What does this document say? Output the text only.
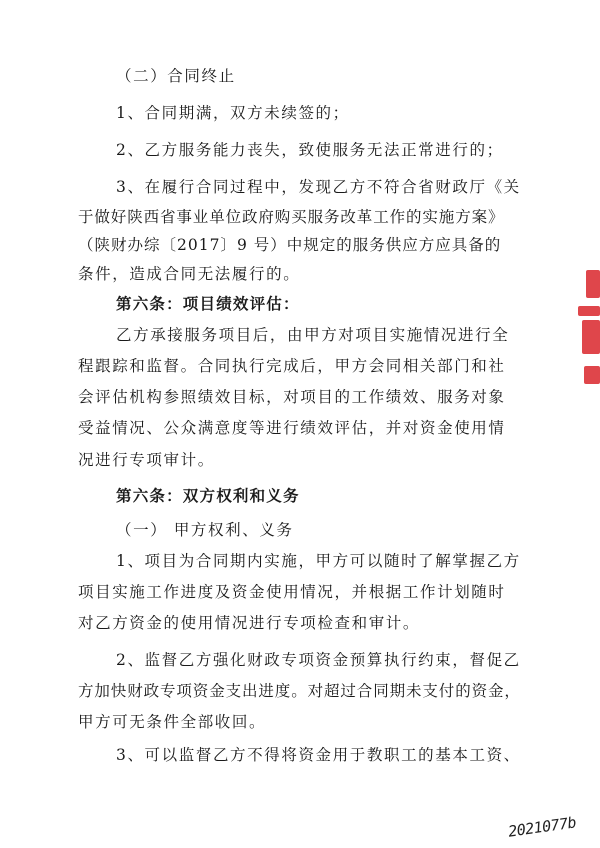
（二）合同终止
1、合同期满，双方未续签的；
2、乙方服务能力丧失，致使服务无法正常进行的；
3、在履行合同过程中，发现乙方不符合省财政厅《关
于做好陕西省事业单位政府购买服务改革工作的实施方案》
（陕财办综〔2017〕9 号）中规定的服务供应方应具备的
条件，造成合同无法履行的。
第六条：项目绩效评估：
乙方承接服务项目后，由甲方对项目实施情况进行全
程跟踪和监督。合同执行完成后，甲方会同相关部门和社
会评估机构参照绩效目标，对项目的工作绩效、服务对象
受益情况、公众满意度等进行绩效评估，并对资金使用情
况进行专项审计。
第六条：双方权利和义务
（一） 甲方权利、义务
1、项目为合同期内实施，甲方可以随时了解掌握乙方
项目实施工作进度及资金使用情况，并根据工作计划随时
对乙方资金的使用情况进行专项检查和审计。
2、监督乙方强化财政专项资金预算执行约束，督促乙
方加快财政专项资金支出进度。对超过合同期未支付的资金，
甲方可无条件全部收回。
3、可以监督乙方不得将资金用于教职工的基本工资、
2021077b
